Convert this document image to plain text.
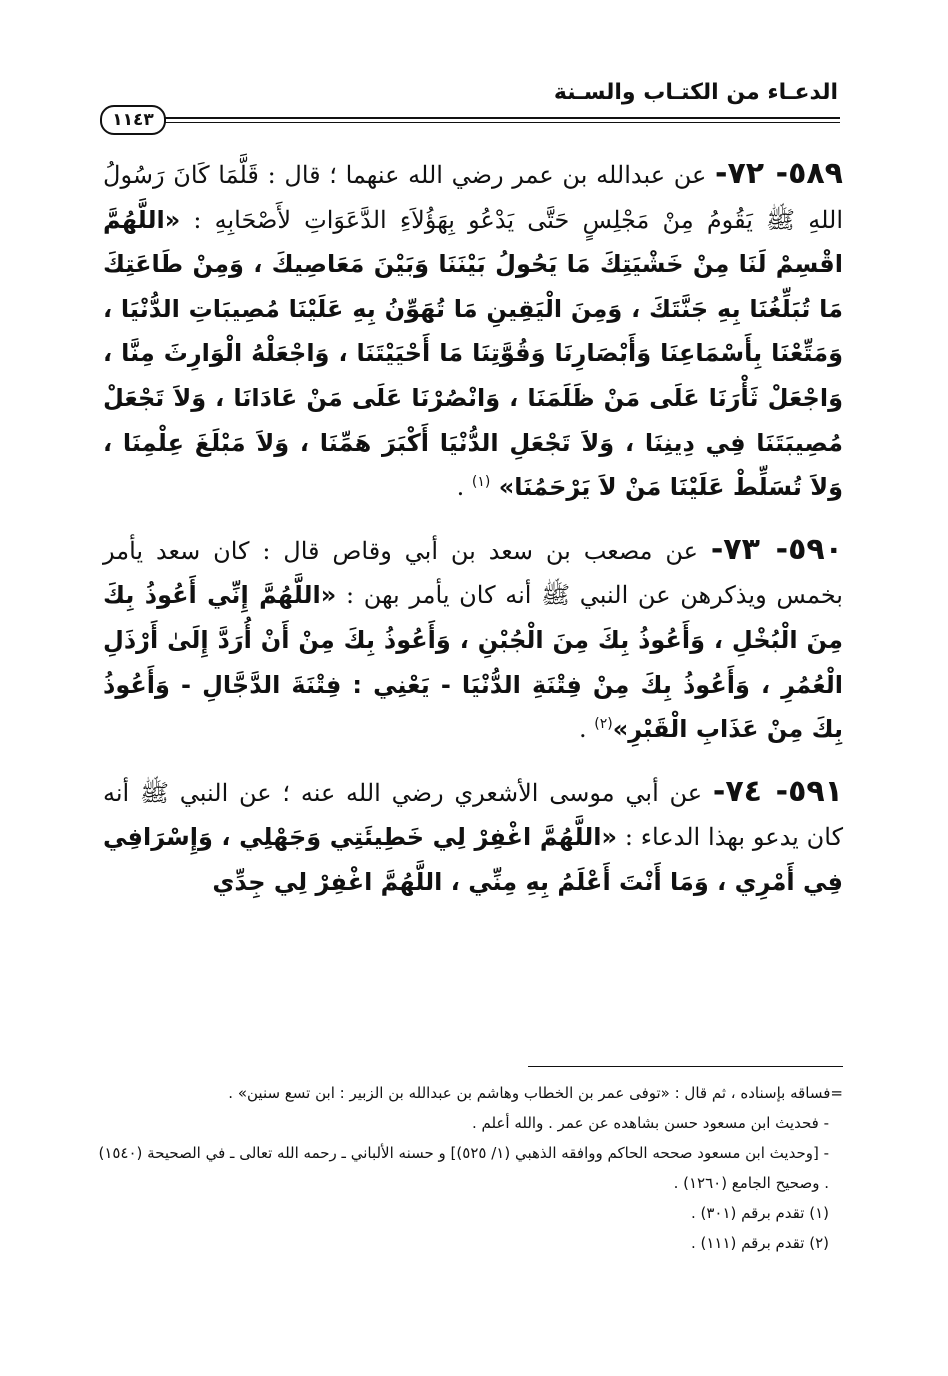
الدعـاء من الكتـاب والسـنة
١١٤٣

٥٨٩- ٧٢- عن عبدالله بن عمر رضي الله عنهما ؛ قال : قَلَّمَا كَانَ رَسُولُ اللهِ ﷺ يَقُومُ مِنْ مَجْلِسٍ حَتَّى يَدْعُو بِهَؤُلاَءِ الدَّعَوَاتِ لأَصْحَابِهِ : «اللَّهُمَّ اقْسِمْ لَنَا مِنْ خَشْيَتِكَ مَا يَحُولُ بَيْنَنَا وَبَيْنَ مَعَاصِيكَ ، وَمِنْ طَاعَتِكَ مَا تُبَلِّغُنَا بِهِ جَنَّتَكَ ، وَمِنَ الْيَقِينِ مَا تُهَوِّنُ بِهِ عَلَيْنَا مُصِيبَاتِ الدُّنْيَا ، وَمَتِّعْنَا بِأَسْمَاعِنَا وَأَبْصَارِنَا وَقُوَّتِنَا مَا أَحْيَيْتَنَا ، وَاجْعَلْهُ الْوَارِثَ مِنَّا ، وَاجْعَلْ ثَأْرَنَا عَلَى مَنْ ظَلَمَنَا ، وَانْصُرْنَا عَلَى مَنْ عَادَانَا ، وَلاَ تَجْعَلْ مُصِيبَتَنَا فِي دِينِنَا ، وَلاَ تَجْعَلِ الدُّنْيَا أَكْبَرَ هَمِّنَا ، وَلاَ مَبْلَغَ عِلْمِنَا ، وَلاَ تُسَلِّطْ عَلَيْنَا مَنْ لاَ يَرْحَمُنَا» $^{(١)}$ .

٥٩٠- ٧٣- عن مصعب بن سعد بن أبي وقاص قال : كان سعد يأمر بخمس ويذكرهن عن النبي ﷺ أنه كان يأمر بهن : «اللَّهُمَّ إِنِّي أَعُوذُ بِكَ مِنَ الْبُخْلِ ، وَأَعُوذُ بِكَ مِنَ الْجُبْنِ ، وَأَعُوذُ بِكَ مِنْ أَنْ أُرَدَّ إِلَىٰ أَرْذَلِ الْعُمُرِ ، وَأَعُوذُ بِكَ مِنْ فِتْنَةِ الدُّنْيَا - يَعْنِي : فِتْنَةَ الدَّجَّالِ - وَأَعُوذُ بِكَ مِنْ عَذَابِ الْقَبْرِ»$^{(٢)}$ .

٥٩١- ٧٤- عن أبي موسى الأشعري رضي الله عنه ؛ عن النبي ﷺ أنه كان يدعو بهذا الدعاء : «اللَّهُمَّ اغْفِرْ لِي خَطِيئَتِي وَجَهْلِي ، وَإِسْرَافِي فِي أَمْرِي ، وَمَا أَنْتَ أَعْلَمُ بِهِ مِنِّي ، اللَّهُمَّ اغْفِرْ لِي جِدِّي

=فساقه بإسناده ، ثم قال : «توفى عمر بن الخطاب وهاشم بن عبدالله بن الزبير : ابن تسع سنين» .

- فحديث ابن مسعود حسن بشاهده عن عمر . والله أعلم .

- [وحديث ابن مسعود صححه الحاكم ووافقه الذهبي (١/ ٥٢٥)] و حسنه الألباني ـ رحمه الله تعالى ـ في الصحيحة (١٥٤٠) . وصحيح الجامع (١٢٦٠) .

(١) تقدم برقم (٣٠١) .

(٢) تقدم برقم (١١١) .
